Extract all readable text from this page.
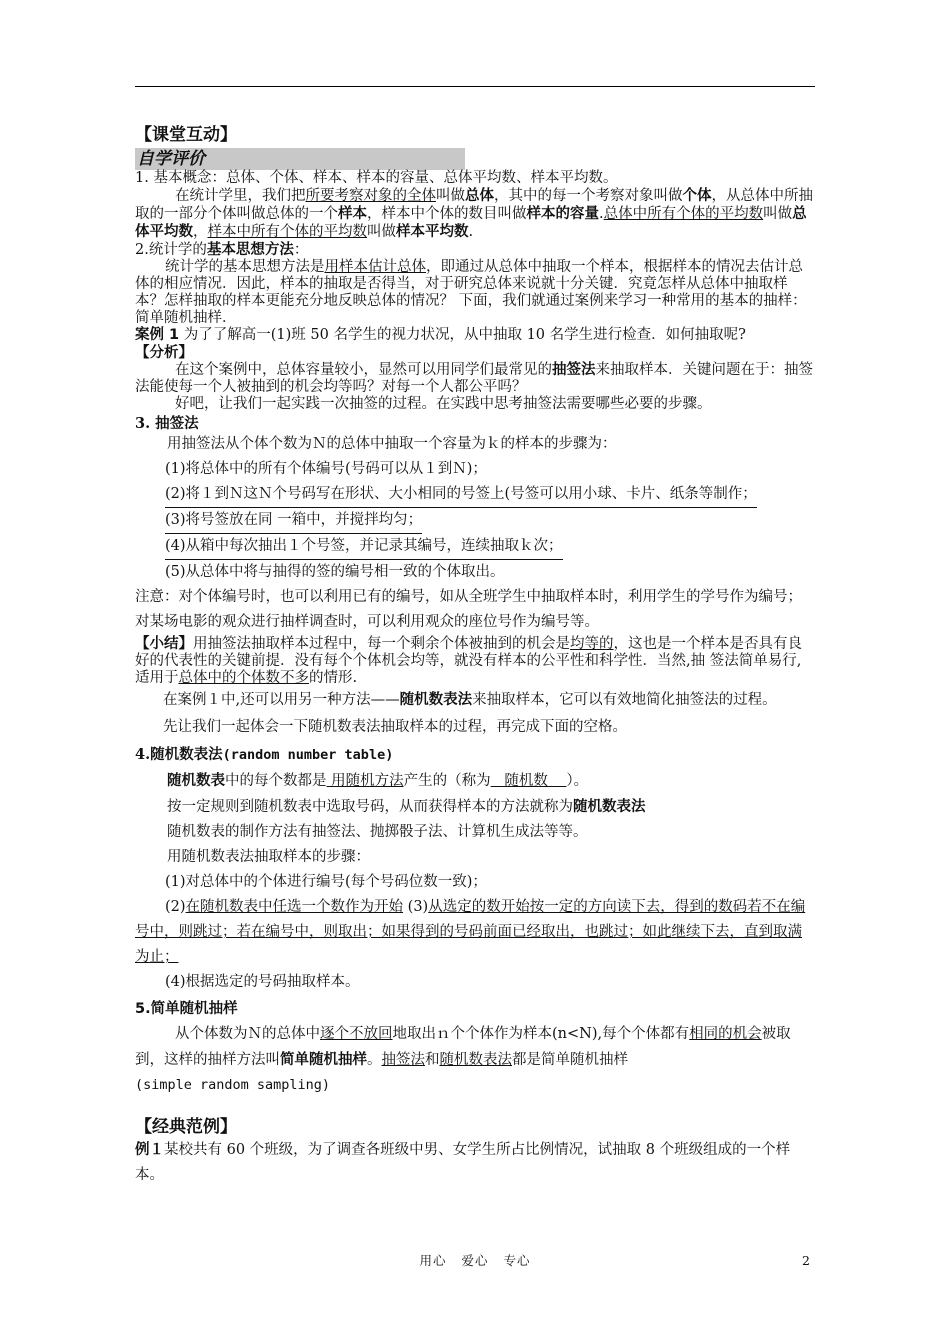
【课堂互动】

自学评价

1. 基本概念：总体、个体、样本、样本的容量、总体平均数、样本平均数。

在统计学里，我们把所要考察对象的全体叫做总体，其中的每一个考察对象叫做个体，从总体中所抽取的一部分个体叫做总体的一个样本，样本中个体的数目叫做样本的容量.总体中所有个体的平均数叫做总体平均数，样本中所有个体的平均数叫做样本平均数.

2.统计学的基本思想方法：

统计学的基本思想方法是用样本估计总体，即通过从总体中抽取一个样本，根据样本的情况去估计总体的相应情况．因此，样本的抽取是否得当，对于研究总体来说就十分关键．究竟怎样从总体中抽取样本？怎样抽取的样本更能充分地反映总体的情况？ 下面，我们就通过案例来学习一种常用的基本的抽样：简单随机抽样．

案例 1 为了了解高一(1)班 50 名学生的视力状况，从中抽取 10 名学生进行检查．如何抽取呢?

【分析】

在这个案例中，总体容量较小，显然可以用同学们最常见的抽签法来抽取样本．关键问题在于：抽签法能使每一个人被抽到的机会均等吗？对每一个人都公平吗？

好吧，让我们一起实践一次抽签的过程。在实践中思考抽签法需要哪些必要的步骤。

3. 抽签法

用抽签法从个体个数为Ｎ的总体中抽取一个容量为ｋ的样本的步骤为：

(1)将总体中的所有个体编号(号码可以从１到Ｎ)；

(2)将１到Ｎ这Ｎ个号码写在形状、大小相同的号签上(号签可以用小球、卡片、纸条等制作；

(3)将号签放在同 一箱中，并搅拌均匀；

(4)从箱中每次抽出１个号签，并记录其编号，连续抽取ｋ次；

(5)从总体中将与抽得的签的编号相一致的个体取出。

注意：对个体编号时，也可以利用已有的编号，如从全班学生中抽取样本时，利用学生的学号作为编号；对某场电影的观众进行抽样调查时，可以利用观众的座位号作为编号等。

【小结】用抽签法抽取样本过程中，每一个剩余个体被抽到的机会是均等的，这也是一个样本是否具有良好的代表性的关键前提．没有每个个体机会均等，就没有样本的公平性和科学性．当然,抽 签法简单易行,适用于总体中的个体数不多的情形.

在案例１中,还可以用另一种方法——随机数表法来抽取样本，它可以有效地简化抽签法的过程。

先让我们一起体会一下随机数表法抽取样本的过程，再完成下面的空格。

4.随机数表法(random number table)

随机数表中的每个数都是 用随机方法产生的（称为   随机数    ）。

按一定规则到随机数表中选取号码，从而获得样本的方法就称为随机数表法

随机数表的制作方法有抽签法、抛掷骰子法、计算机生成法等等。

用随机数表法抽取样本的步骤：

(1)对总体中的个体进行编号(每个号码位数一致)；

(2)在随机数表中任选一个数作为开始 (3)从选定的数开始按一定的方向读下去，得到的数码若不在编号中，则跳过；若在编号中，则取出；如果得到的号码前面已经取出，也跳过；如此继续下去，直到取满为止；

(4)根据选定的号码抽取样本。

5.简单随机抽样

从个体数为Ｎ的总体中逐个不放回地取出ｎ个个体作为样本(n<N),每个个体都有相同的机会被取到，这样的抽样方法叫简单随机抽样。抽签法和随机数表法都是简单随机抽样

(simple random sampling)

【经典范例】

例１某校共有 60 个班级，为了调查各班级中男、女学生所占比例情况，试抽取 8 个班级组成的一个样本。

用心 爱心 专心	2
